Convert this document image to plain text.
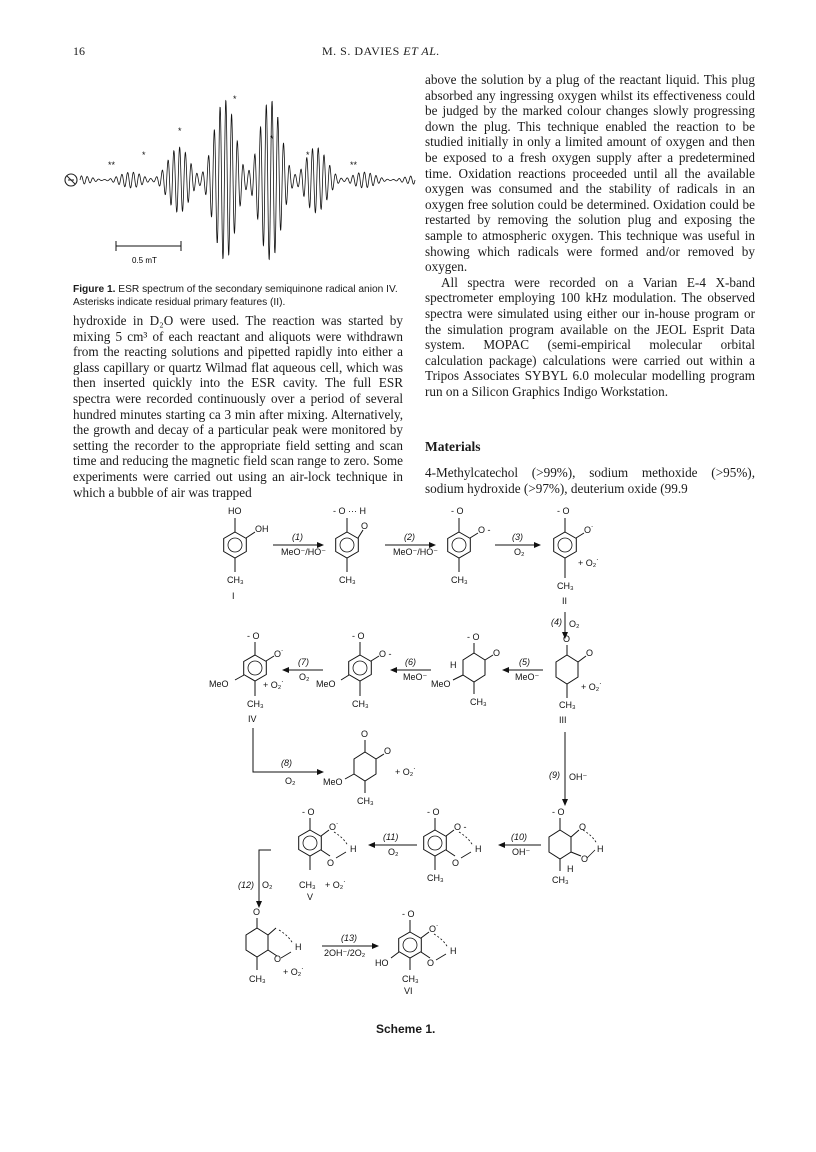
16	M. S. DAVIES ET AL.
*
*
*
*	*
**	**
0.5 mT
Figure 1. ESR spectrum of the secondary semiquinone radical anion IV. Asterisks indicate residual primary features (II).

hydroxide in D₂O were used. The reaction was started by mixing 5 cm³ of each reactant and aliquots were withdrawn from the reacting solutions and pipetted rapidly into either a glass capillary or quartz Wilmad flat aqueous cell, which was then inserted quickly into the ESR cavity. The full ESR spectra were recorded continuously over a period of several hundred minutes starting ca 3 min after mixing. Alternatively, the growth and decay of a particular peak were monitored by setting the recorder to the appropriate field setting and scan time and reducing the magnetic field scan range to zero. Some experiments were carried out using an air-lock technique in which a bubble of air was trapped

above the solution by a plug of the reactant liquid. This plug absorbed any ingressing oxygen whilst its effectiveness could be judged by the marked colour changes slowly progressing down the plug. This technique enabled the reaction to be studied initially in only a limited amount of oxygen and then be exposed to a fresh oxygen supply after a predetermined time. Oxidation reactions proceeded until all the available oxygen was consumed and the stability of radicals in an oxygen free solution could be determined. Oxidation could be restarted by removing the solution plug and exposing the sample to atmospheric oxygen. This technique was useful in showing which radicals were formed and/or removed by oxygen.

All spectra were recorded on a Varian E-4 X-band spectrometer employing 100 kHz modulation. The observed spectra were simulated using either our in-house program or the simulation program available on the JEOL Esprit Data system. MOPAC (semi-empirical molecular orbital calculation package) calculations were carried out within a Tripos Associates SYBYL 6.0 molecular modelling program run on a Silicon Graphics Indigo Workstation.

Materials

4-Methylcatechol (>99%), sodium methoxide (>95%), sodium hydroxide (>97%), deuterium oxide (99.9

HO
OH
CH₃
I
(1)
MeO⁻/HO⁻
- O ··· H
O
CH₃
(2)
MeO⁻/HO⁻
- O
O -
CH₃
(3)
O₂
- O
O˙
+ O₂˙
CH₃
II
(4) O₂
O
O
+ O₂˙
CH₃
III
(5)
MeO⁻
- O
O
H
MeO
CH₃
(6)
MeO⁻
- O
O -
MeO
CH₃
(7)
O₂
- O
O˙
MeO	+ O₂˙
CH₃
IV
(8)
O₂
O
O
MeO
+ O₂˙
CH₃
(9) OH⁻
- O
O
O
H
H
CH₃
(10)
OH⁻
- O
O -
O
H
CH₃
(11)
O₂
- O
O˙
O
H
CH₃ + O₂˙
V
(12) O₂
O
O
H
CH₃
+ O₂˙
(13)
2OH⁻/2O₂
- O
O˙
O
H
HO
CH₃
VI
Scheme 1.
